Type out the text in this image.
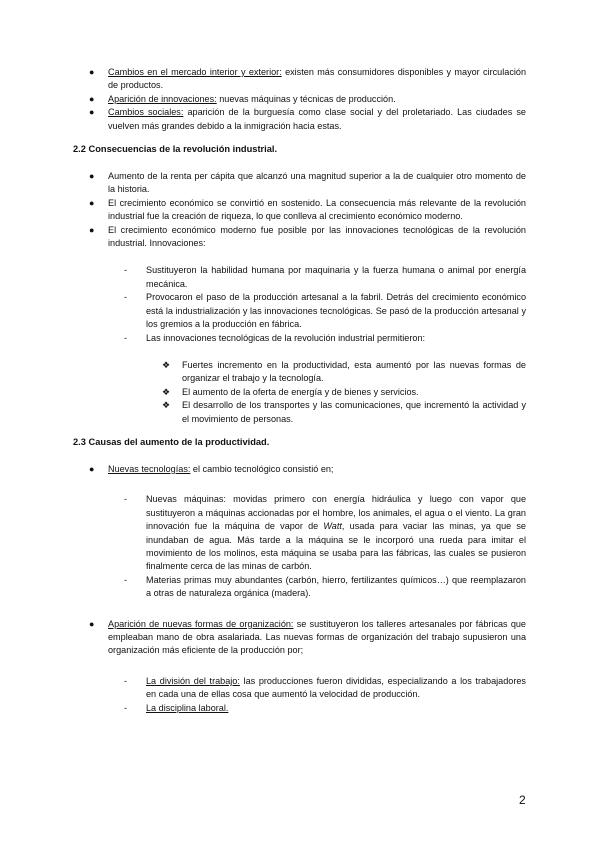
● Cambios en el mercado interior y exterior: existen más consumidores disponibles y mayor circulación de productos.

● Aparición de innovaciones: nuevas máquinas y técnicas de producción.

● Cambios sociales: aparición de la burguesía como clase social y del proletariado. Las ciudades se vuelven más grandes debido a la inmigración hacia estas.

2.2 Consecuencias de la revolución industrial.

● Aumento de la renta per cápita que alcanzó una magnitud superior a la de cualquier otro momento de la historia.

● El crecimiento económico se convirtió en sostenido. La consecuencia más relevante de la revolución industrial fue la creación de riqueza, lo que conlleva al crecimiento económico moderno.

● El crecimiento económico moderno fue posible por las innovaciones tecnológicas de la revolución industrial. Innovaciones:

- Sustituyeron la habilidad humana por maquinaria y la fuerza humana o animal por energía mecánica.

- Provocaron el paso de la producción artesanal a la fabril. Detrás del crecimiento económico está la industrialización y las innovaciones tecnológicas. Se pasó de la producción artesanal y los gremios a la producción en fábrica.

- Las innovaciones tecnológicas de la revolución industrial permitieron:

❖ Fuertes incremento en la productividad, esta aumentó por las nuevas formas de organizar el trabajo y la tecnología.

❖ El aumento de la oferta de energía y de bienes y servicios.

❖ El desarrollo de los transportes y las comunicaciones, que incrementó la actividad y el movimiento de personas.

2.3 Causas del aumento de la productividad.

● Nuevas tecnologías: el cambio tecnológico consistió en;

- Nuevas máquinas: movidas primero con energía hidráulica y luego con vapor que sustituyeron a máquinas accionadas por el hombre, los animales, el agua o el viento. La gran innovación fue la máquina de vapor de Watt, usada para vaciar las minas, ya que se inundaban de agua. Más tarde a la máquina se le incorporó una rueda para imitar el movimiento de los molinos, esta máquina se usaba para las fábricas, las cuales se pusieron finalmente cerca de las minas de carbón.

- Materias primas muy abundantes (carbón, hierro, fertilizantes químicos…) que reemplazaron a otras de naturaleza orgánica (madera).

● Aparición de nuevas formas de organización: se sustituyeron los talleres artesanales por fábricas que empleaban mano de obra asalariada. Las nuevas formas de organización del trabajo supusieron una organización más eficiente de la producción por;

- La división del trabajo: las producciones fueron divididas, especializando a los trabajadores en cada una de ellas cosa que aumentó la velocidad de producción.

- La disciplina laboral.

2
